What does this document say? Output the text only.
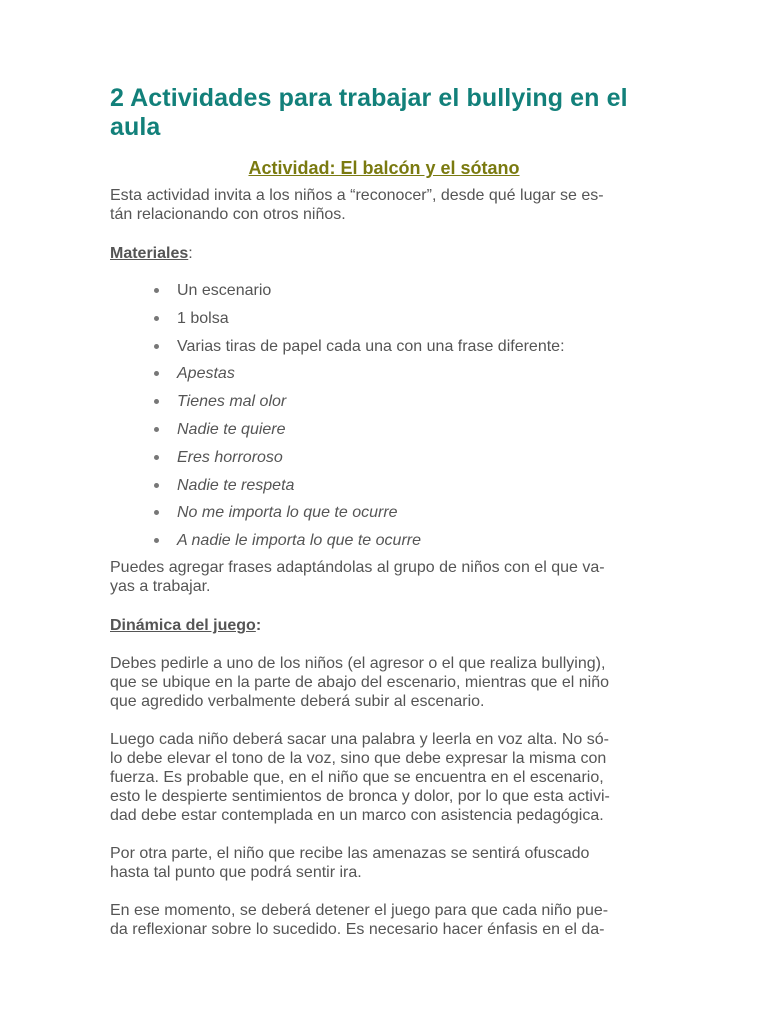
2 Actividades para trabajar el bullying en el aula
Actividad: El balcón y el sótano

Esta actividad invita a los niños a “reconocer”, desde qué lugar se es-
tán relacionando con otros niños.

Materiales:
Un escenario
1 bolsa
Varias tiras de papel cada una con una frase diferente:
Apestas
Tienes mal olor
Nadie te quiere
Eres horroroso
Nadie te respeta
No me importa lo que te ocurre
A nadie le importa lo que te ocurre

Puedes agregar frases adaptándolas al grupo de niños con el que va-
yas a trabajar.

Dinámica del juego:

Debes pedirle a uno de los niños (el agresor o el que realiza bullying),
que se ubique en la parte de abajo del escenario, mientras que el niño
que agredido verbalmente deberá subir al escenario.

Luego cada niño deberá sacar una palabra y leerla en voz alta. No só-
lo debe elevar el tono de la voz, sino que debe expresar la misma con
fuerza. Es probable que, en el niño que se encuentra en el escenario,
esto le despierte sentimientos de bronca y dolor, por lo que esta activi-
dad debe estar contemplada en un marco con asistencia pedagógica.

Por otra parte, el niño que recibe las amenazas se sentirá ofuscado
hasta tal punto que podrá sentir ira.

En ese momento, se deberá detener el juego para que cada niño pue-
da reflexionar sobre lo sucedido. Es necesario hacer énfasis en el da-
